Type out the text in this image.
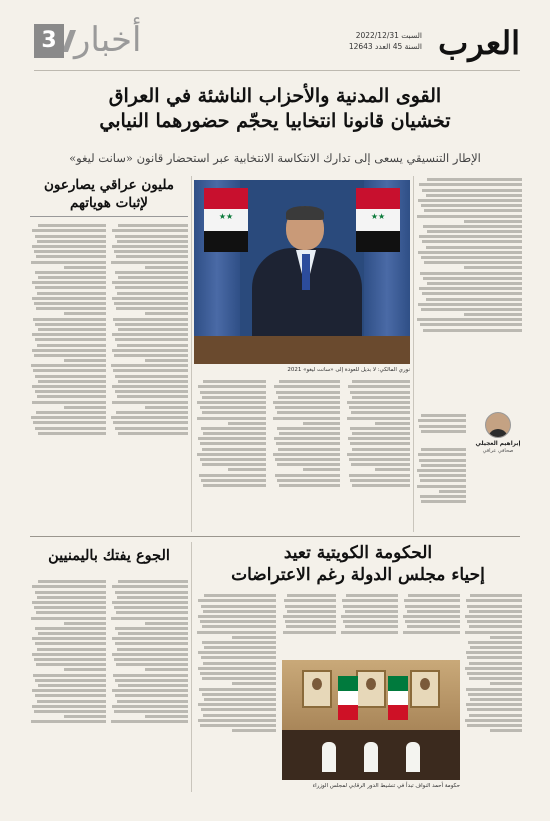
العرب
السبت 2022/12/31
السنة 45 العدد 12643
أخبار
3
القوى المدنية والأحزاب الناشئة في العراق
تخشيان قانونا انتخابيا يحجّم حضورهما النيابي
الإطار التنسيقي يسعى إلى تدارك الانتكاسة الانتخابية عبر استحضار قانون «سانت ليغو»
★★
★★
نوري المالكي: لا بديل للعودة إلى «سانت ليغو» 2021
إبراهيم العجيلي
صحافي عراقي
مليون عراقي يصارعون لإثبات هوياتهم
الحكومة الكويتية تعيد
إحياء مجلس الدولة رغم الاعتراضات
حكومة أحمد النواف تبدأ في تنشيط الدور الرقابي لمجلس الوزراء
الجوع يفتك باليمنيين
